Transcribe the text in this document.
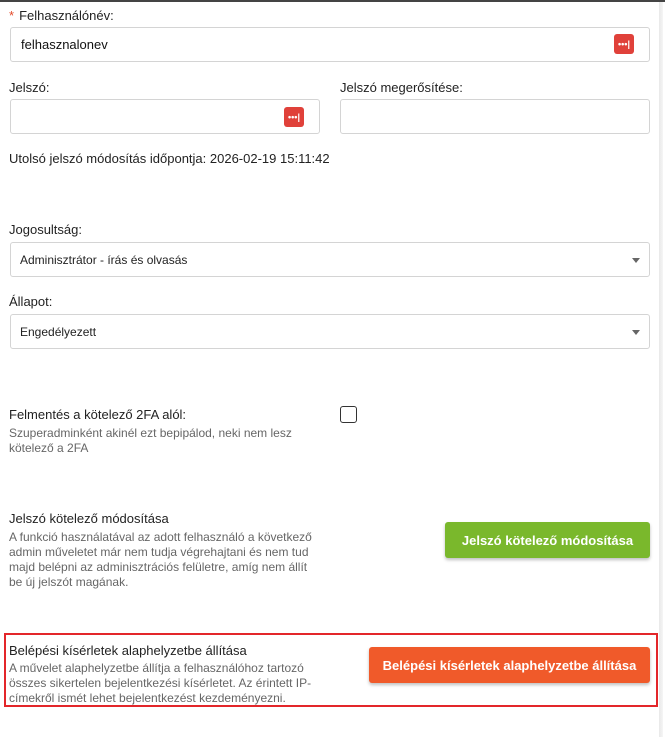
* Felhasználónév:
felhasznalonev
•••|
Jelszó:
•••|
Jelszó megerősítése:
Utolsó jelszó módosítás időpontja: 2026-02-19 15:11:42
Jogosultság:
Adminisztrátor - írás és olvasás
Állapot:
Engedélyezett
Felmentés a kötelező 2FA alól:
Szuperadminként akinél ezt bepipálod, neki nem lesz
kötelező a 2FA
Jelszó kötelező módosítása
A funkció használatával az adott felhasználó a következő
admin műveletet már nem tudja végrehajtani és nem tud
majd belépni az adminisztrációs felületre, amíg nem állít
be új jelszót magának.
Jelszó kötelező módosítása
Belépési kísérletek alaphelyzetbe állítása
A művelet alaphelyzetbe állítja a felhasználóhoz tartozó
összes sikertelen bejelentkezési kísérletet. Az érintett IP-
címekről ismét lehet bejelentkezést kezdeményezni.
Belépési kísérletek alaphelyzetbe állítása
